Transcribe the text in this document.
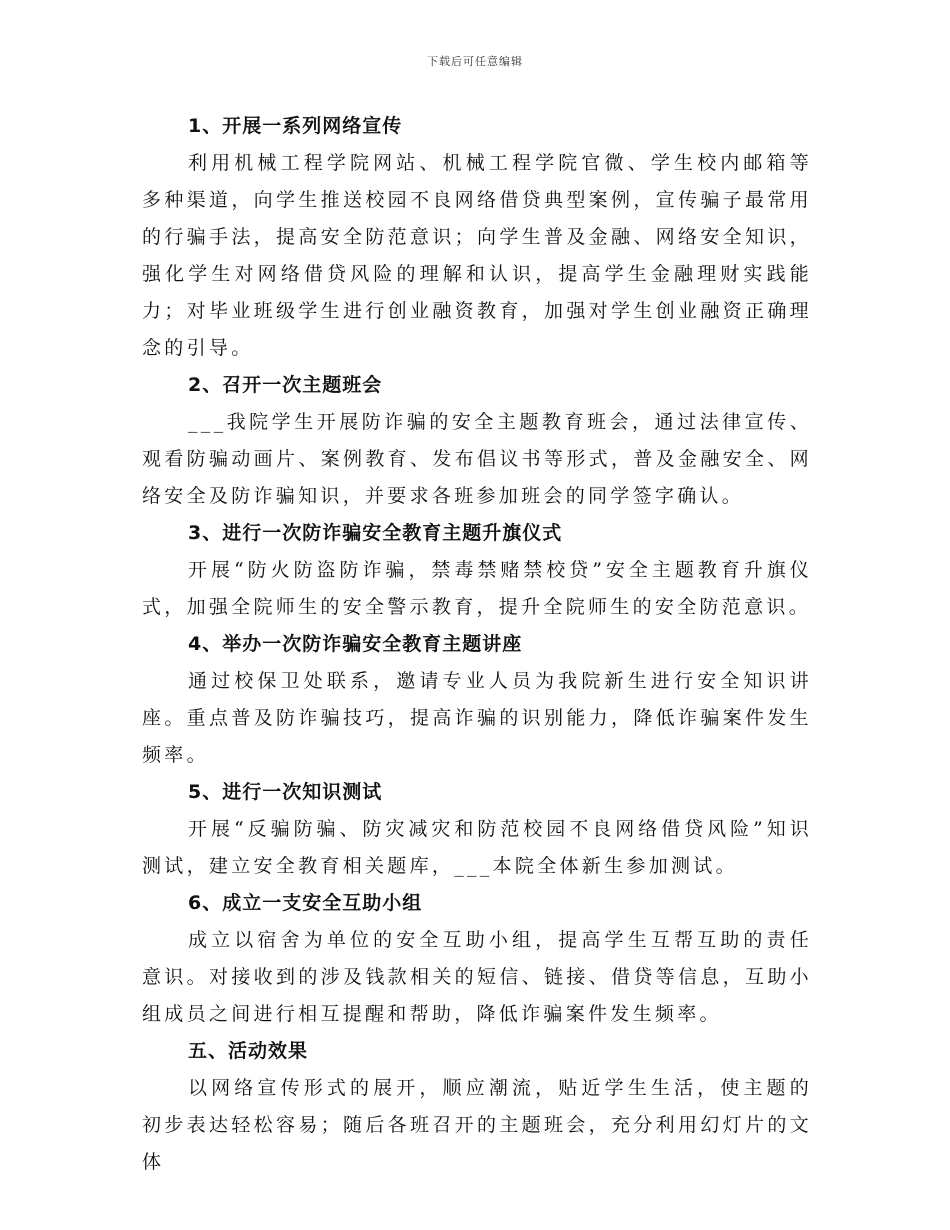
下载后可任意编辑
1、开展一系列网络宣传
利用机械工程学院网站、机械工程学院官微、学生校内邮箱等多种渠道，向学生推送校园不良网络借贷典型案例，宣传骗子最常用的行骗手法，提高安全防范意识；向学生普及金融、网络安全知识，强化学生对网络借贷风险的理解和认识，提高学生金融理财实践能力；对毕业班级学生进行创业融资教育，加强对学生创业融资正确理念的引导。
2、召开一次主题班会
___我院学生开展防诈骗的安全主题教育班会，通过法律宣传、观看防骗动画片、案例教育、发布倡议书等形式，普及金融安全、网络安全及防诈骗知识，并要求各班参加班会的同学签字确认。
3、进行一次防诈骗安全教育主题升旗仪式
开展“防火防盗防诈骗，禁毒禁赌禁校贷”安全主题教育升旗仪式，加强全院师生的安全警示教育，提升全院师生的安全防范意识。
4、举办一次防诈骗安全教育主题讲座
通过校保卫处联系，邀请专业人员为我院新生进行安全知识讲座。重点普及防诈骗技巧，提高诈骗的识别能力，降低诈骗案件发生频率。
5、进行一次知识测试
开展“反骗防骗、防灾减灾和防范校园不良网络借贷风险”知识测试，建立安全教育相关题库，___本院全体新生参加测试。
6、成立一支安全互助小组
成立以宿舍为单位的安全互助小组，提高学生互帮互助的责任意识。对接收到的涉及钱款相关的短信、链接、借贷等信息，互助小组成员之间进行相互提醒和帮助，降低诈骗案件发生频率。
五、活动效果
以网络宣传形式的展开，顺应潮流，贴近学生生活，使主题的初步表达轻松容易；随后各班召开的主题班会，充分利用幻灯片的文体
